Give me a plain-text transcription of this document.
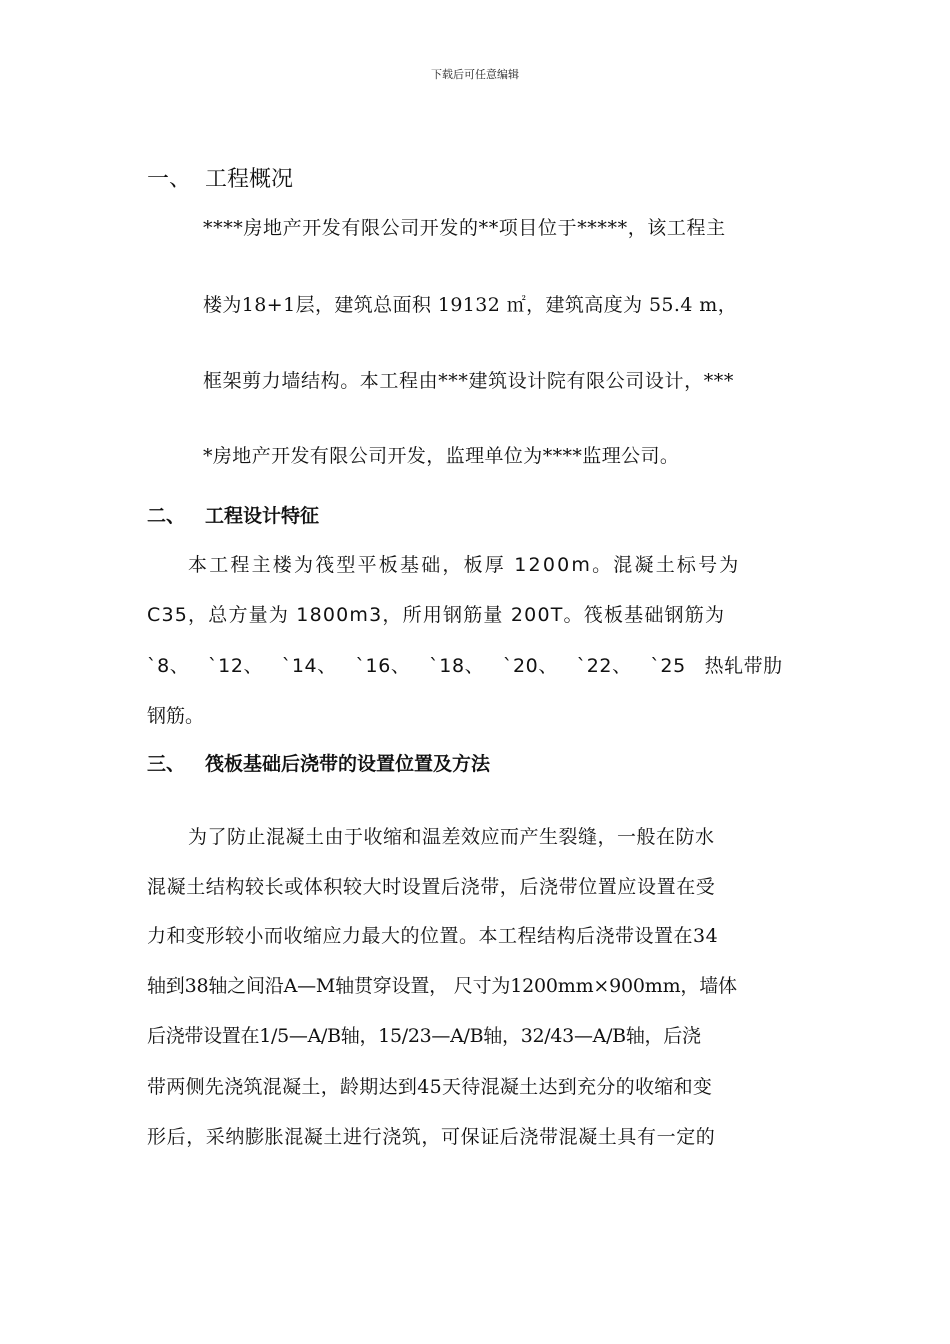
下载后可任意编辑
一、 工程概况
****房地产开发有限公司开发的**项目位于*****，该工程主
楼为18+1层，建筑总面积 19132 ㎡，建筑高度为 55.4 m，
框架剪力墙结构。本工程由***建筑设计院有限公司设计，***
*房地产开发有限公司开发，监理单位为****监理公司。
二、 工程设计特征
本工程主楼为筏型平板基础，板厚 1200m。混凝土标号为
C35，总方量为 1800m3，所用钢筋量 200T。筏板基础钢筋为
`8、 `12、 `14、 `16、 `18、 `20、 `22、 `25 热轧带肋
钢筋。
三、 筏板基础后浇带的设置位置及方法
为了防止混凝土由于收缩和温差效应而产生裂缝，一般在防水
混凝土结构较长或体积较大时设置后浇带，后浇带位置应设置在受
力和变形较小而收缩应力最大的位置。本工程结构后浇带设置在34
轴到38轴之间沿A—M轴贯穿设置， 尺寸为1200mm×900mm，墙体
后浇带设置在1/5—A/B轴，15/23—A/B轴，32/43—A/B轴，后浇
带两侧先浇筑混凝土，龄期达到45天待混凝土达到充分的收缩和变
形后，采纳膨胀混凝土进行浇筑，可保证后浇带混凝土具有一定的
